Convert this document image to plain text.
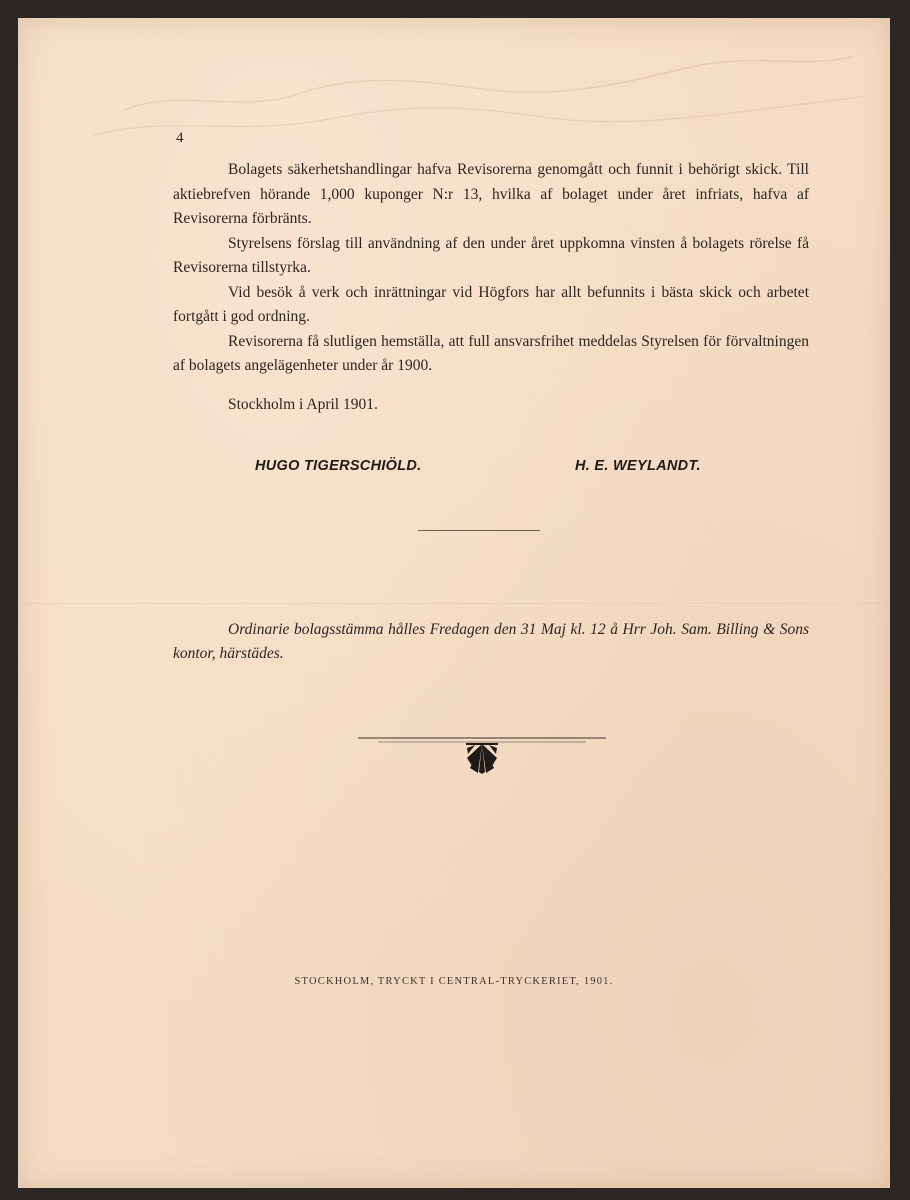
4

Bolagets säkerhetshandlingar hafva Revisorerna genomgått och funnit i behörigt skick. Till aktiebrefven hörande 1,000 kuponger N:r 13, hvilka af bolaget under året infriats, hafva af Revisorerna förbränts.

Styrelsens förslag till användning af den under året uppkomna vinsten å bolagets rörelse få Revisorerna tillstyrka.

Vid besök å verk och inrättningar vid Högfors har allt befunnits i bästa skick och arbetet fortgått i god ordning.

Revisorerna få slutligen hemställa, att full ansvarsfrihet meddelas Styrelsen för förvaltningen af bolagets angelägenheter under år 1900.

Stockholm i April 1901.
HUGO TIGERSCHIÖLD.	H. E. WEYLANDT.
Ordinarie bolagsstämma hålles Fredagen den 31 Maj kl. 12 å Hrr Joh. Sam. Billing & Sons kontor, härstädes.
STOCKHOLM, TRYCKT I CENTRAL-TRYCKERIET, 1901.
